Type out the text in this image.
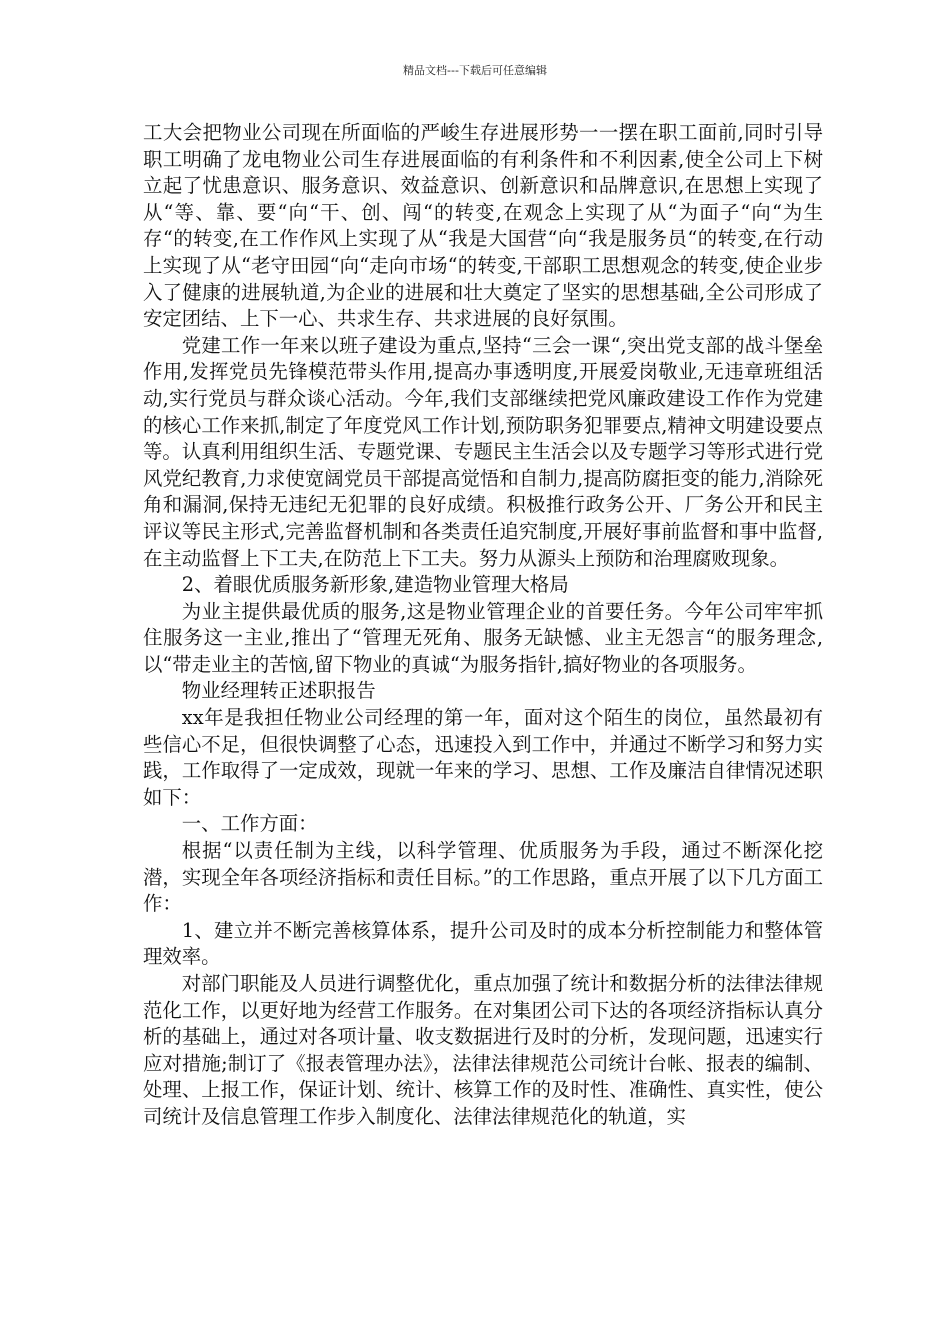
精品文档---下载后可任意编辑

工大会把物业公司现在所面临的严峻生存进展形势一一摆在职工面前,同时引导职工明确了龙电物业公司生存进展面临的有利条件和不利因素,使全公司上下树立起了忧患意识、服务意识、效益意识、创新意识和品牌意识,在思想上实现了从“等、靠、要“向“干、创、闯“的转变,在观念上实现了从“为面子“向“为生存“的转变,在工作作风上实现了从“我是大国营“向“我是服务员“的转变,在行动上实现了从“老守田园“向“走向市场“的转变,干部职工思想观念的转变,使企业步入了健康的进展轨道,为企业的进展和壮大奠定了坚实的思想基础,全公司形成了安定团结、上下一心、共求生存、共求进展的良好氛围。

党建工作一年来以班子建设为重点,坚持“三会一课“,突出党支部的战斗堡垒作用,发挥党员先锋模范带头作用,提高办事透明度,开展爱岗敬业,无违章班组活动,实行党员与群众谈心活动。今年,我们支部继续把党风廉政建设工作作为党建的核心工作来抓,制定了年度党风工作计划,预防职务犯罪要点,精神文明建设要点等。认真利用组织生活、专题党课、专题民主生活会以及专题学习等形式进行党风党纪教育,力求使宽阔党员干部提高觉悟和自制力,提高防腐拒变的能力,消除死角和漏洞,保持无违纪无犯罪的良好成绩。积极推行政务公开、厂务公开和民主评议等民主形式,完善监督机制和各类责任追究制度,开展好事前监督和事中监督,在主动监督上下工夫,在防范上下工夫。努力从源头上预防和治理腐败现象。

2、着眼优质服务新形象,建造物业管理大格局

为业主提供最优质的服务,这是物业管理企业的首要任务。今年公司牢牢抓住服务这一主业,推出了“管理无死角、服务无缺憾、业主无怨言“的服务理念,以“带走业主的苦恼,留下物业的真诚“为服务指针,搞好物业的各项服务。

物业经理转正述职报告

xx年是我担任物业公司经理的第一年，面对这个陌生的岗位，虽然最初有些信心不足，但很快调整了心态，迅速投入到工作中，并通过不断学习和努力实践，工作取得了一定成效，现就一年来的学习、思想、工作及廉洁自律情况述职如下：

一、工作方面：

根据“以责任制为主线，以科学管理、优质服务为手段，通过不断深化挖潜，实现全年各项经济指标和责任目标。”的工作思路，重点开展了以下几方面工作：

1、建立并不断完善核算体系，提升公司及时的成本分析控制能力和整体管理效率。

对部门职能及人员进行调整优化，重点加强了统计和数据分析的法律法律规范化工作，以更好地为经营工作服务。在对集团公司下达的各项经济指标认真分析的基础上，通过对各项计量、收支数据进行及时的分析，发现问题，迅速实行应对措施;制订了《报表管理办法》，法律法律规范公司统计台帐、报表的编制、处理、上报工作，保证计划、统计、核算工作的及时性、准确性、真实性，使公司统计及信息管理工作步入制度化、法律法律规范化的轨道，实
